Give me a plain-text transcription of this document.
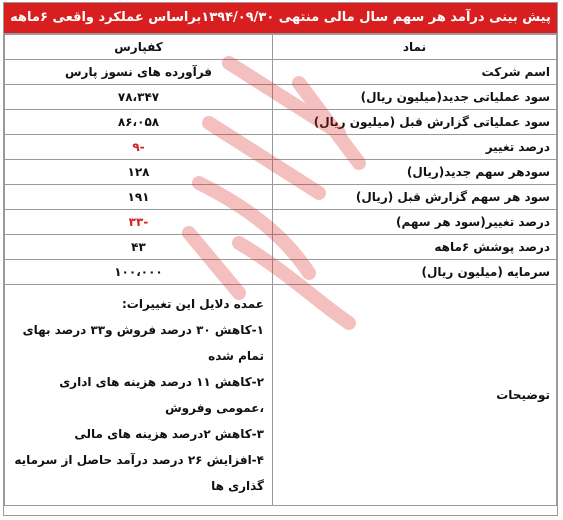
پیش بینی درآمد هر سهم سال مالی منتهی ۱۳۹۴/۰۹/۳۰براساس عملکرد واقعی ۶ماهه
نماد	کفپارس
اسم شرکت	فرآورده های نسوز پارس
سود عملیاتی جدید(میلیون ریال)	۷۸،۳۴۷
سود عملیاتی گزارش قبل (میلیون ریال)	۸۶،۰۵۸
درصد تغییر	-۹
سودهر سهم جدید(ریال)	۱۲۸
سود هر سهم گزارش قبل (ریال)	۱۹۱
درصد تغییر(سود هر سهم)	-۳۳
درصد پوشش ۶ماهه	۴۳
سرمایه (میلیون ریال)	۱۰۰،۰۰۰
توضیحات	عمده دلایل این تغییرات:
۱-کاهش ۳۰ درصد فروش و۳۳ درصد بهای تمام شده
۲-کاهش ۱۱ درصد هزینه های اداری ،عمومی وفروش
۳-کاهش ۲درصد هزینه های مالی
۴-افزایش ۲۶ درصد درآمد حاصل از سرمایه گذاری ها
